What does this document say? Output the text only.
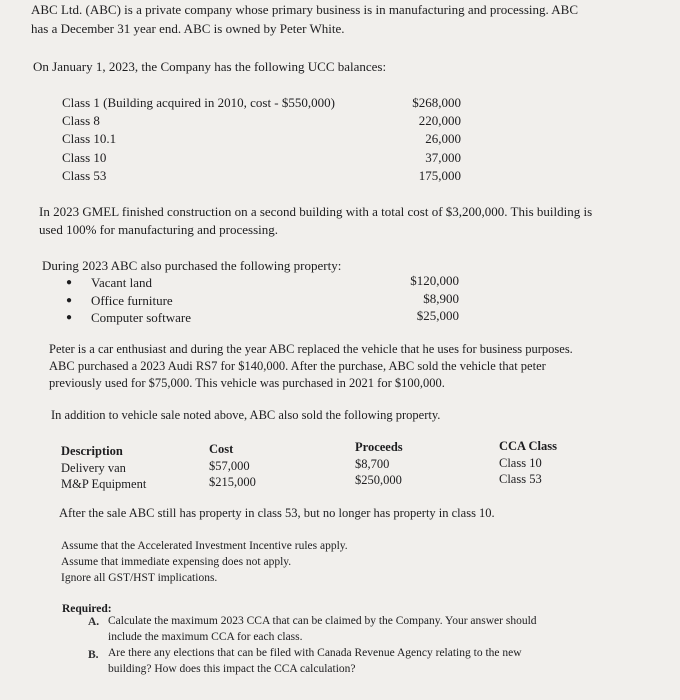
ABC Ltd. (ABC) is a private company whose primary business is in manufacturing and processing. ABC
has a December 31 year end. ABC is owned by Peter White.
On January 1, 2023, the Company has the following UCC balances:
Class 1 (Building acquired in 2010, cost - $550,000)	$268,000
Class 8	220,000
Class 10.1	26,000
Class 10	37,000
Class 53	175,000
In 2023 GMEL finished construction on a second building with a total cost of $3,200,000. This building is
used 100% for manufacturing and processing.
During 2023 ABC also purchased the following property:
● Vacant land	$120,000
● Office furniture	$8,900
● Computer software	$25,000
Peter is a car enthusiast and during the year ABC replaced the vehicle that he uses for business purposes.
ABC purchased a 2023 Audi RS7 for $140,000. After the purchase, ABC sold the vehicle that peter
previously used for $75,000. This vehicle was purchased in 2021 for $100,000.
In addition to vehicle sale noted above, ABC also sold the following property.
Description	Cost	Proceeds	CCA Class
Delivery van	$57,000	$8,700	Class 10
M&P Equipment	$215,000	$250,000	Class 53
After the sale ABC still has property in class 53, but no longer has property in class 10.
Assume that the Accelerated Investment Incentive rules apply.
Assume that immediate expensing does not apply.
Ignore all GST/HST implications.
Required:
A. Calculate the maximum 2023 CCA that can be claimed by the Company. Your answer should
include the maximum CCA for each class.
B. Are there any elections that can be filed with Canada Revenue Agency relating to the new
building? How does this impact the CCA calculation?
